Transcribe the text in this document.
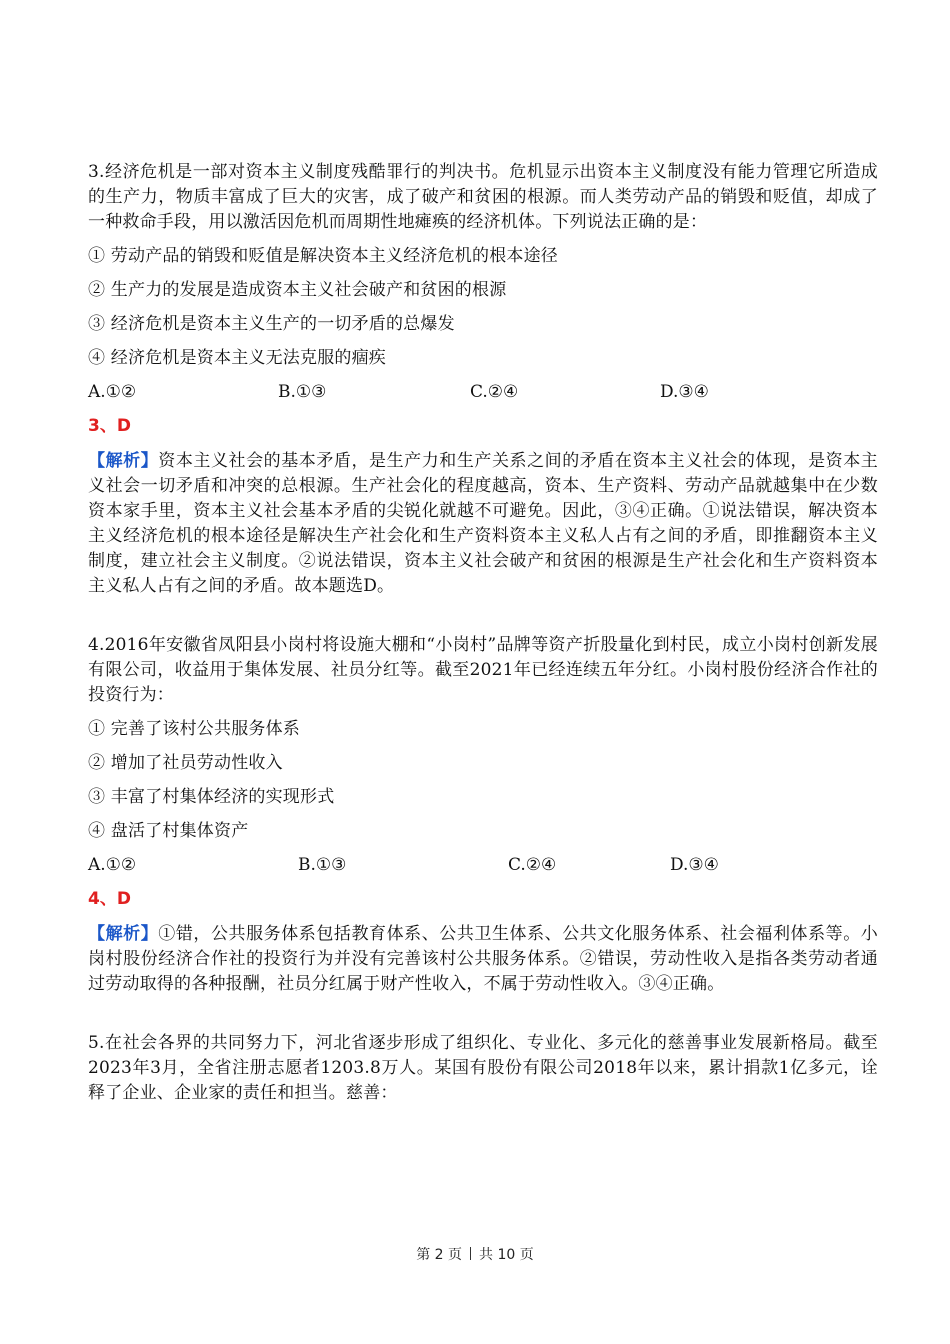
3.经济危机是一部对资本主义制度残酷罪行的判决书。危机显示出资本主义制度没有能力管理它所造成的生产力，物质丰富成了巨大的灾害，成了破产和贫困的根源。而人类劳动产品的销毁和贬值，却成了一种救命手段，用以激活因危机而周期性地瘫痪的经济机体。下列说法正确的是：

① 劳动产品的销毁和贬值是解决资本主义经济危机的根本途径

② 生产力的发展是造成资本主义社会破产和贫困的根源

③ 经济危机是资本主义生产的一切矛盾的总爆发

④ 经济危机是资本主义无法克服的痼疾

A.①②	B.①③	C.②④	D.③④

3、D

【解析】资本主义社会的基本矛盾，是生产力和生产关系之间的矛盾在资本主义社会的体现，是资本主义社会一切矛盾和冲突的总根源。生产社会化的程度越高，资本、生产资料、劳动产品就越集中在少数资本家手里，资本主义社会基本矛盾的尖锐化就越不可避免。因此，③④正确。①说法错误，解决资本主义经济危机的根本途径是解决生产社会化和生产资料资本主义私人占有之间的矛盾，即推翻资本主义制度，建立社会主义制度。②说法错误，资本主义社会破产和贫困的根源是生产社会化和生产资料资本主义私人占有之间的矛盾。故本题选D。

4.2016年安徽省凤阳县小岗村将设施大棚和“小岗村”品牌等资产折股量化到村民，成立小岗村创新发展有限公司，收益用于集体发展、社员分红等。截至2021年已经连续五年分红。小岗村股份经济合作社的投资行为：

① 完善了该村公共服务体系

② 增加了社员劳动性收入

③ 丰富了村集体经济的实现形式

④ 盘活了村集体资产

A.①②	B.①③	C.②④	D.③④

4、D

【解析】①错，公共服务体系包括教育体系、公共卫生体系、公共文化服务体系、社会福利体系等。小岗村股份经济合作社的投资行为并没有完善该村公共服务体系。②错误，劳动性收入是指各类劳动者通过劳动取得的各种报酬，社员分红属于财产性收入，不属于劳动性收入。③④正确。

5.在社会各界的共同努力下，河北省逐步形成了组织化、专业化、多元化的慈善事业发展新格局。截至2023年3月，全省注册志愿者1203.8万人。某国有股份有限公司2018年以来，累计捐款1亿多元，诠释了企业、企业家的责任和担当。慈善：

第 2 页 共 10 页
